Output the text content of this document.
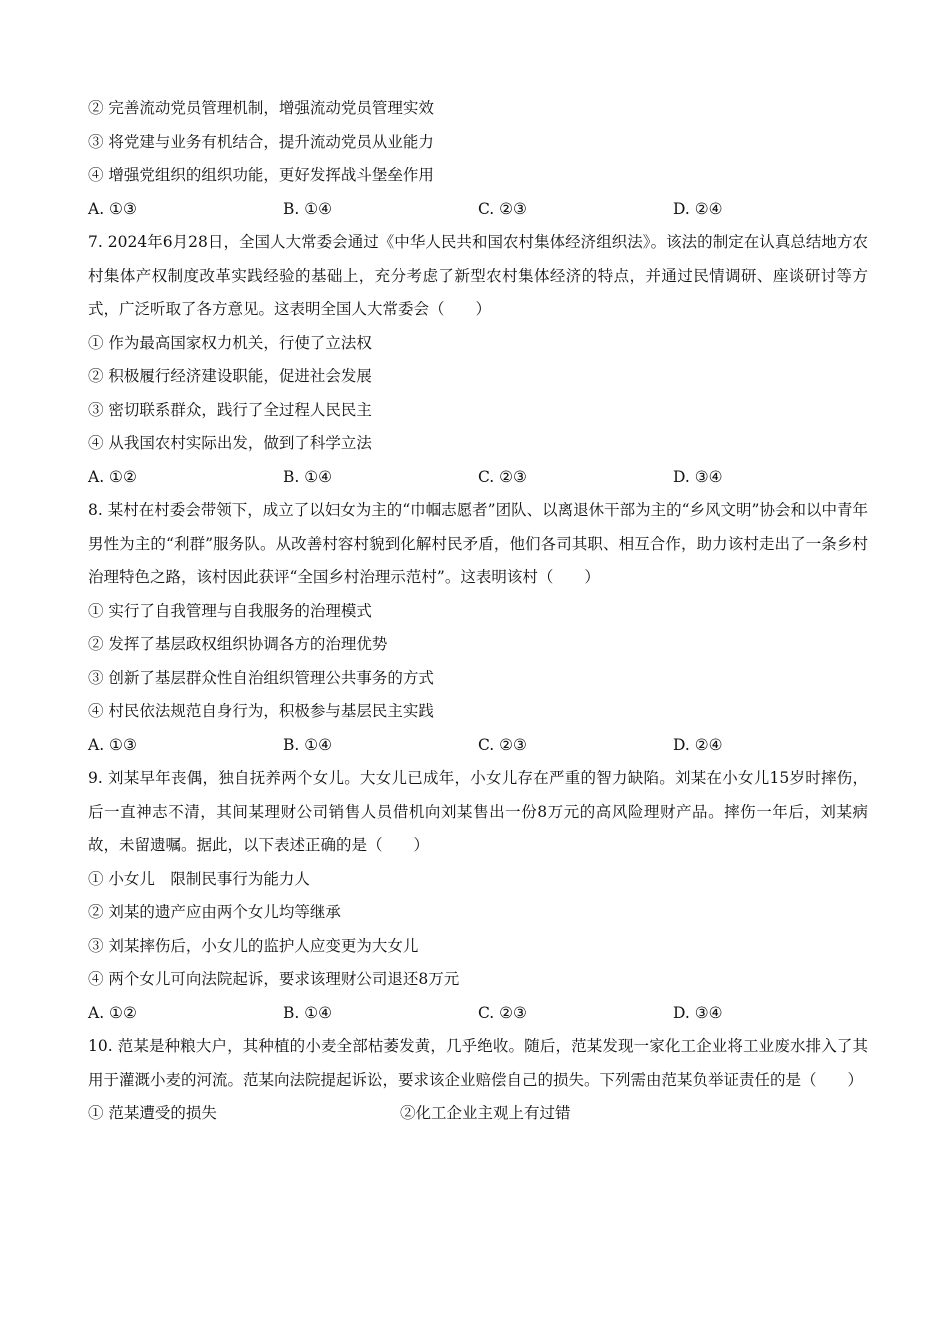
② 完善流动党员管理机制，增强流动党员管理实效
③ 将党建与业务有机结合，提升流动党员从业能力
④ 增强党组织的组织功能，更好发挥战斗堡垒作用
A. ①③	B. ①④	C. ②③	D. ②④
7. 2024年6月28日，全国人大常委会通过《中华人民共和国农村集体经济组织法》。该法的制定在认真总结地方农村集体产权制度改革实践经验的基础上，充分考虑了新型农村集体经济的特点，并通过民情调研、座谈研讨等方式，广泛听取了各方意见。这表明全国人大常委会（　　）
① 作为最高国家权力机关，行使了立法权
② 积极履行经济建设职能，促进社会发展
③ 密切联系群众，践行了全过程人民民主
④ 从我国农村实际出发，做到了科学立法
A. ①②	B. ①④	C. ②③	D. ③④
8. 某村在村委会带领下，成立了以妇女为主的“巾帼志愿者”团队、以离退休干部为主的“乡风文明”协会和以中青年男性为主的“利群”服务队。从改善村容村貌到化解村民矛盾，他们各司其职、相互合作，助力该村走出了一条乡村治理特色之路，该村因此获评“全国乡村治理示范村”。这表明该村（　　）
① 实行了自我管理与自我服务的治理模式
② 发挥了基层政权组织协调各方的治理优势
③ 创新了基层群众性自治组织管理公共事务的方式
④ 村民依法规范自身行为，积极参与基层民主实践
A. ①③	B. ①④	C. ②③	D. ②④
9. 刘某早年丧偶，独自抚养两个女儿。大女儿已成年，小女儿存在严重的智力缺陷。刘某在小女儿15岁时摔伤，后一直神志不清，其间某理财公司销售人员借机向刘某售出一份8万元的高风险理财产品。摔伤一年后，刘某病故，未留遗嘱。据此，以下表述正确的是（　　）
① 小女儿　限制民事行为能力人
② 刘某的遗产应由两个女儿均等继承
③ 刘某摔伤后，小女儿的监护人应变更为大女儿
④ 两个女儿可向法院起诉，要求该理财公司退还8万元
A. ①②	B. ①④	C. ②③	D. ③④
10. 范某是种粮大户，其种植的小麦全部枯萎发黄，几乎绝收。随后，范某发现一家化工企业将工业废水排入了其用于灌溉小麦的河流。范某向法院提起诉讼，要求该企业赔偿自己的损失。下列需由范某负举证责任的是（　　）
① 范某遭受的损失	②化工企业主观上有过错
